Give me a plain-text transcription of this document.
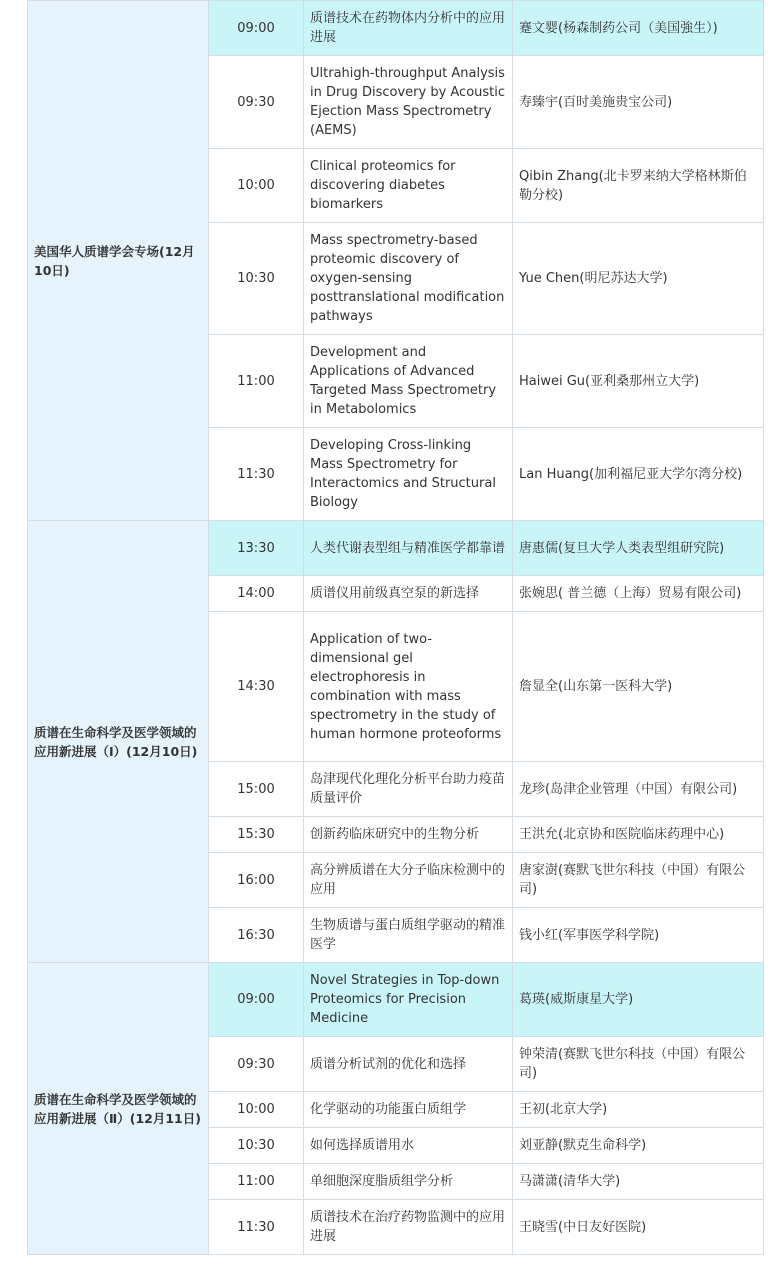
美国华人质谱学会专场(12月10日)	09:00	质谱技术在药物体内分析中的应用进展	蹇文婴(杨森制药公司（美国強生）)
	09:30	Ultrahigh-throughput Analysis in Drug Discovery by Acoustic Ejection Mass Spectrometry (AEMS)	寿臻宇(百时美施贵宝公司)
	10:00	Clinical proteomics for discovering diabetes biomarkers	Qibin Zhang(北卡罗来纳大学格林斯伯勒分校)
	10:30	Mass spectrometry-based proteomic discovery of oxygen-sensing posttranslational modification pathways	Yue Chen(明尼苏达大学)
	11:00	Development and Applications of Advanced Targeted Mass Spectrometry in Metabolomics	Haiwei Gu(亚利桑那州立大学)
	11:30	Developing Cross-linking Mass Spectrometry for Interactomics and Structural Biology	Lan Huang(加利福尼亚大学尔湾分校)
质谱在生命科学及医学领域的应用新进展（Ⅰ）(12月10日)	13:30	人类代谢表型组与精准医学都靠谱	唐惠儒(复旦大学人类表型组研究院)
	14:00	质谱仪用前级真空泵的新选择	张婉思( 普兰德（上海）贸易有限公司)
	14:30	Application of two-dimensional gel electrophoresis in combination with mass spectrometry in the study of human hormone proteoforms	詹显全(山东第一医科大学)
	15:00	岛津现代化理化分析平台助力疫苗质量评价	龙珍(岛津企业管理（中国）有限公司)
	15:30	创新药临床研究中的生物分析	王洪允(北京协和医院临床药理中心)
	16:00	高分辨质谱在大分子临床检测中的应用	唐家澍(赛默飞世尔科技（中国）有限公司)
	16:30	生物质谱与蛋白质组学驱动的精准医学	钱小红(军事医学科学院)
质谱在生命科学及医学领域的应用新进展（Ⅱ）(12月11日)	09:00	Novel Strategies in Top-down Proteomics for Precision Medicine	葛瑛(威斯康星大学)
	09:30	质谱分析试剂的优化和选择	钟荣清(赛默飞世尔科技（中国）有限公司)
	10:00	化学驱动的功能蛋白质组学	王初(北京大学)
	10:30	如何选择质谱用水	刘亚静(默克生命科学)
	11:00	单细胞深度脂质组学分析	马潇潇(清华大学)
	11:30	质谱技术在治疗药物监测中的应用进展	王晓雪(中日友好医院)
